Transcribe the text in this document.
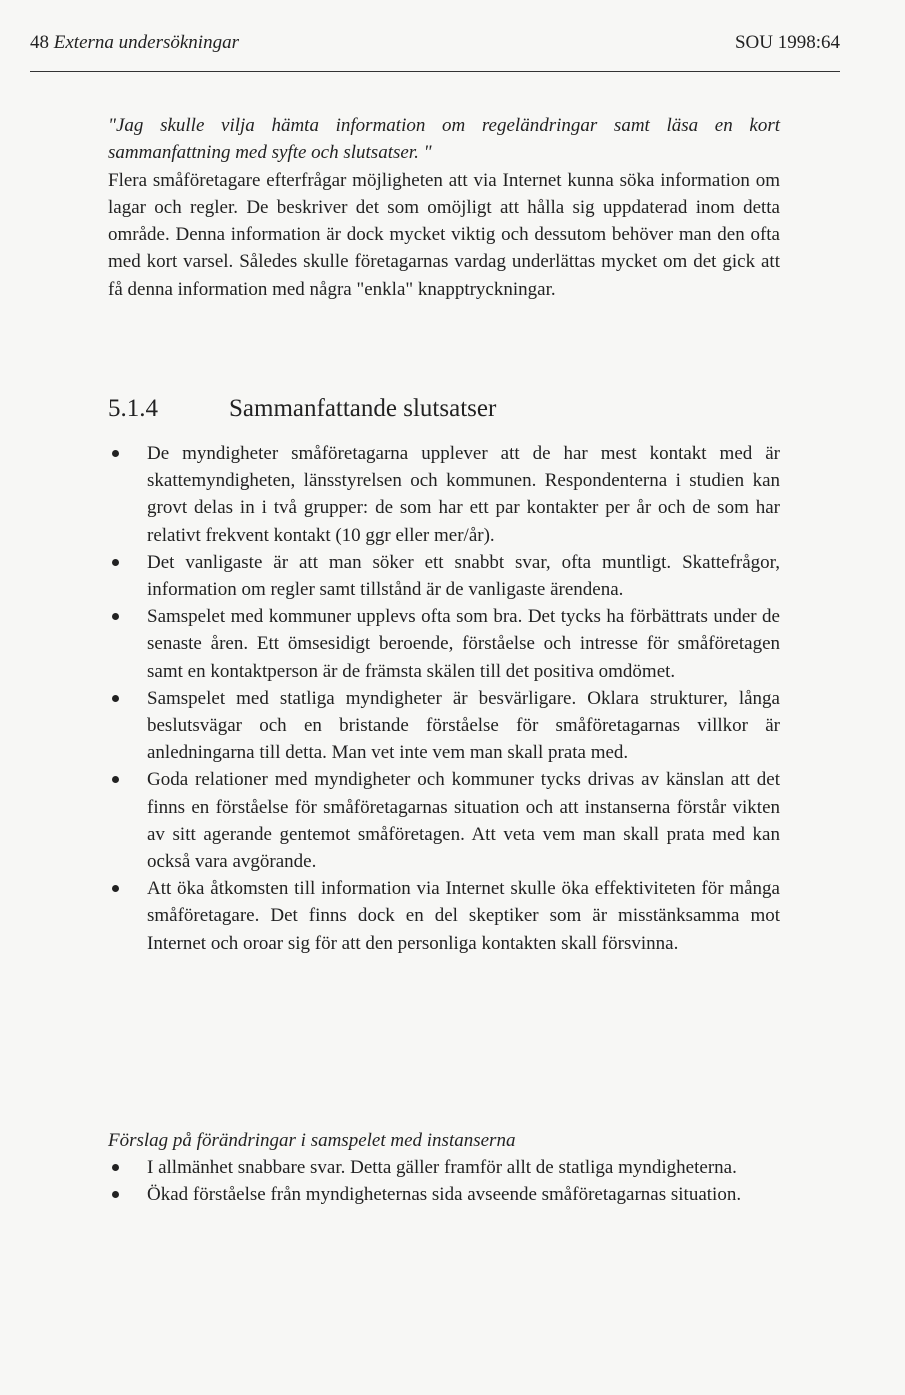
48 Externa undersökningar	SOU 1998:64

"Jag skulle vilja hämta information om regeländringar samt läsa en kort sammanfattning med syfte och slutsatser. "

Flera småföretagare efterfrågar möjligheten att via Internet kunna söka information om lagar och regler. De beskriver det som omöjligt att hålla sig uppdaterad inom detta område. Denna information är dock mycket viktig och dessutom behöver man den ofta med kort varsel. Således skulle företagarnas vardag underlättas mycket om det gick att få denna information med några "enkla" knapptryckningar.

5.1.4	Sammanfattande slutsatser
De myndigheter småföretagarna upplever att de har mest kontakt med är skattemyndigheten, länsstyrelsen och kommunen. Respondenterna i studien kan grovt delas in i två grupper: de som har ett par kontakter per år och de som har relativt frekvent kontakt (10 ggr eller mer/år).
Det vanligaste är att man söker ett snabbt svar, ofta muntligt. Skattefrågor, information om regler samt tillstånd är de vanligaste ärendena.
Samspelet med kommuner upplevs ofta som bra. Det tycks ha förbättrats under de senaste åren. Ett ömsesidigt beroende, förståelse och intresse för småföretagen samt en kontaktperson är de främsta skälen till det positiva omdömet.
Samspelet med statliga myndigheter är besvärligare. Oklara strukturer, långa beslutsvägar och en bristande förståelse för småföretagarnas villkor är anledningarna till detta. Man vet inte vem man skall prata med.
Goda relationer med myndigheter och kommuner tycks drivas av känslan att det finns en förståelse för småföretagarnas situation och att instanserna förstår vikten av sitt agerande gentemot småföretagen. Att veta vem man skall prata med kan också vara avgörande.
Att öka åtkomsten till information via Internet skulle öka effektiviteten för många småföretagare. Det finns dock en del skeptiker som är misstänksamma mot Internet och oroar sig för att den personliga kontakten skall försvinna.
Förslag på förändringar i samspelet med instanserna
I allmänhet snabbare svar. Detta gäller framför allt de statliga myndigheterna.
Ökad förståelse från myndigheternas sida avseende småföretagarnas situation.
